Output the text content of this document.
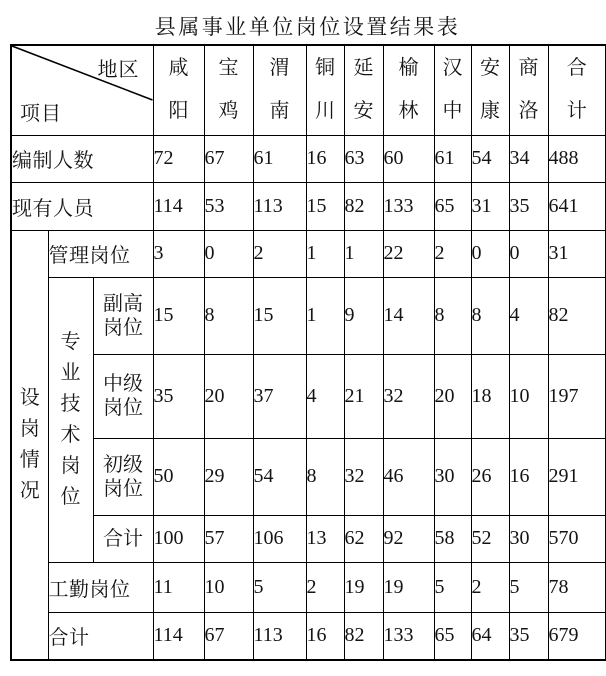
县属事业单位岗位设置结果表
地区
项目			咸阳	宝鸡	渭南	铜川	延安	榆林	汉中	安康	商洛	合计

编制人数			72	67	61	16	63	60	61	54	34	488
现有人员			114	53	113	15	82	133	65	31	35	641

设岗情况	管理岗位		3	0	2	1	1	22	2	0	0	31

	专业技术岗位	副高岗位	15	8	15	1	9	14	8	8	4	82

		中级岗位	35	20	37	4	21	32	20	18	10	197

		初级岗位	50	29	54	8	32	46	30	26	16	291

		合计	100	57	106	13	62	92	58	52	30	570
	工勤岗位		11	10	5	2	19	19	5	2	5	78
	合计		114	67	113	16	82	133	65	64	35	679
